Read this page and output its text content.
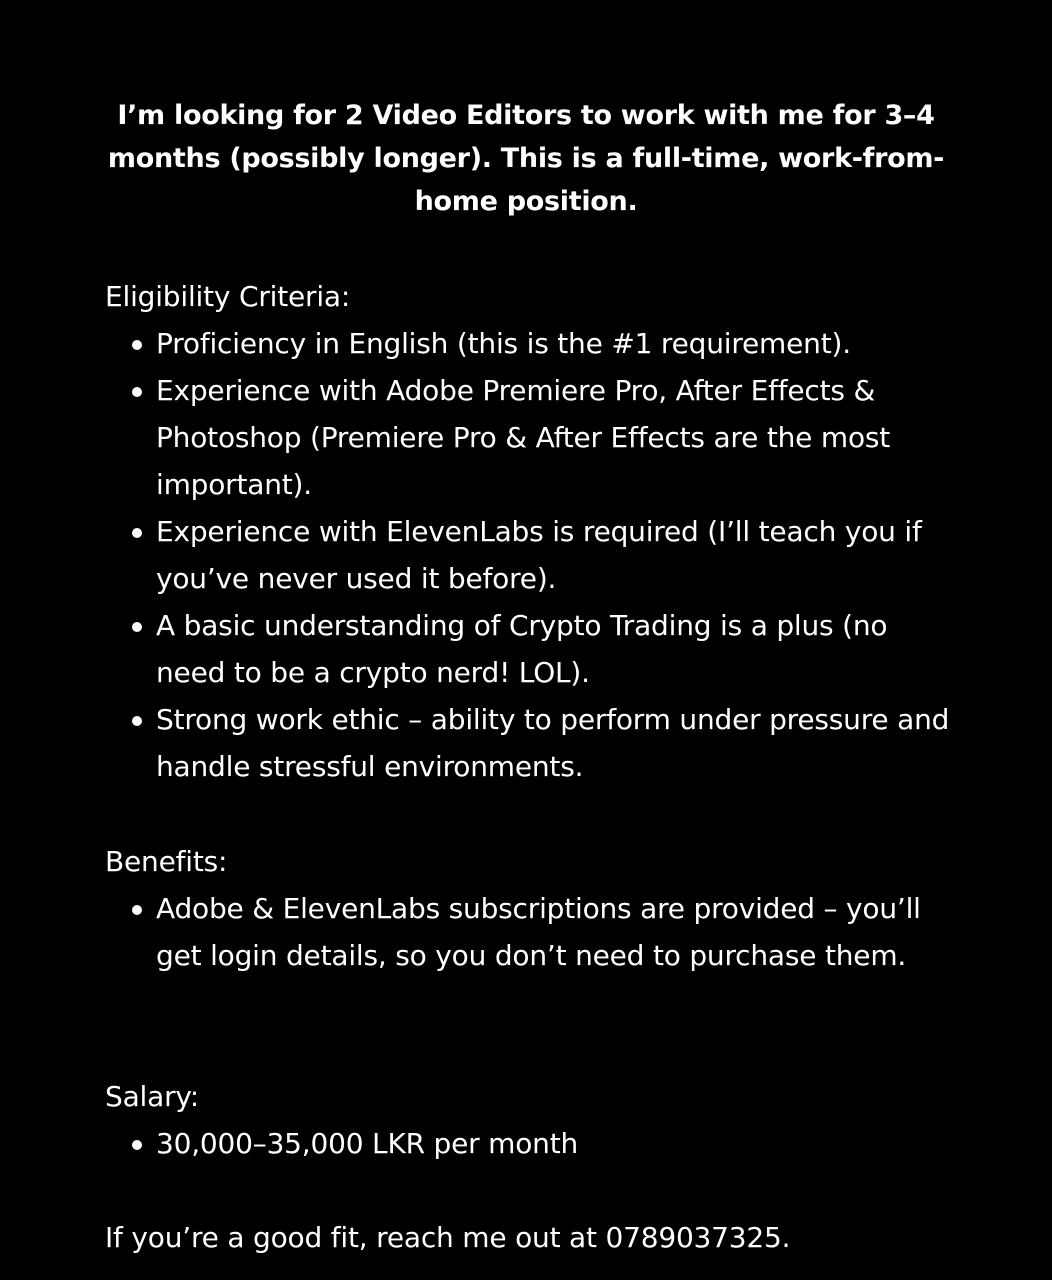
I’m looking for 2 Video Editors to work with me for 3–4 months (possibly longer). This is a full-time, work-from-home position.
Eligibility Criteria:
Proficiency in English (this is the #1 requirement).
Experience with Adobe Premiere Pro, After Effects & Photoshop (Premiere Pro & After Effects are the most important).
Experience with ElevenLabs is required (I’ll teach you if you’ve never used it before).
A basic understanding of Crypto Trading is a plus (no need to be a crypto nerd! LOL).
Strong work ethic – ability to perform under pressure and handle stressful environments.
Benefits:
Adobe & ElevenLabs subscriptions are provided – you’ll get login details, so you don’t need to purchase them.
Salary:
30,000–35,000 LKR per month
If you’re a good fit, reach me out at 0789037325.
